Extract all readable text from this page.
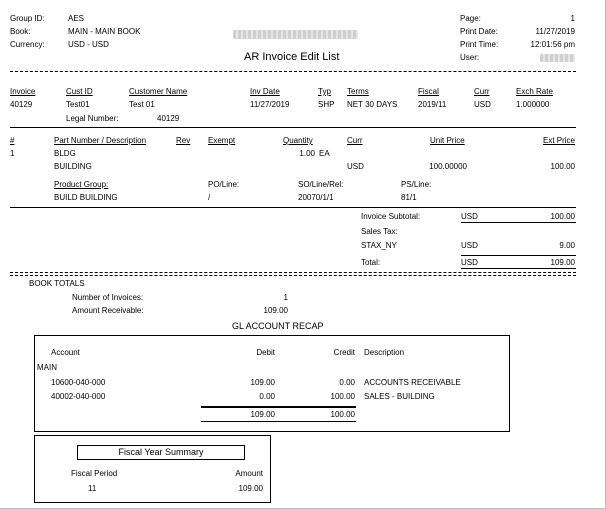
Group ID:	AES
Book:	MAIN - MAIN BOOK
Currency:	USD - USD
AR Invoice Edit List
Page:	1
Print Date:	11/27/2019
Print Time:	12:01:56 pm
User:
Invoice	Cust ID	Customer Name	Inv Date	Typ Terms	Fiscal	Curr	Exch Rate
40129	Test01	Test 01	11/27/2019	SHP NET 30 DAYS	2019/11	USD	1.000000
Legal Number:	40129
#	Part Number / Description	Rev Exempt	Quantity	Curr	Unit Price	Ext Price
1	BLDG	1.00 EA
BUILDING	USD	100.00000	100.00
Product Group:	PO/Line:	SO/Line/Rel:	PS/Line:
BUILD BUILDING	/	20070/1/1	81/1
Invoice Subtotal:	USD	100.00
Sales Tax:
STAX_NY	USD	9.00
Total:	USD	109.00
BOOK TOTALS
Number of Invoices:	1
Amount Receivable:	109.00
GL ACCOUNT RECAP
Account	Debit	Credit Description
MAIN
10600-040-000	109.00	0.00 ACCOUNTS RECEIVABLE
40002-040-000	0.00	100.00 SALES - BUILDING
109.00	100.00
Fiscal Year Summary
Fiscal Period	Amount
11	109.00
